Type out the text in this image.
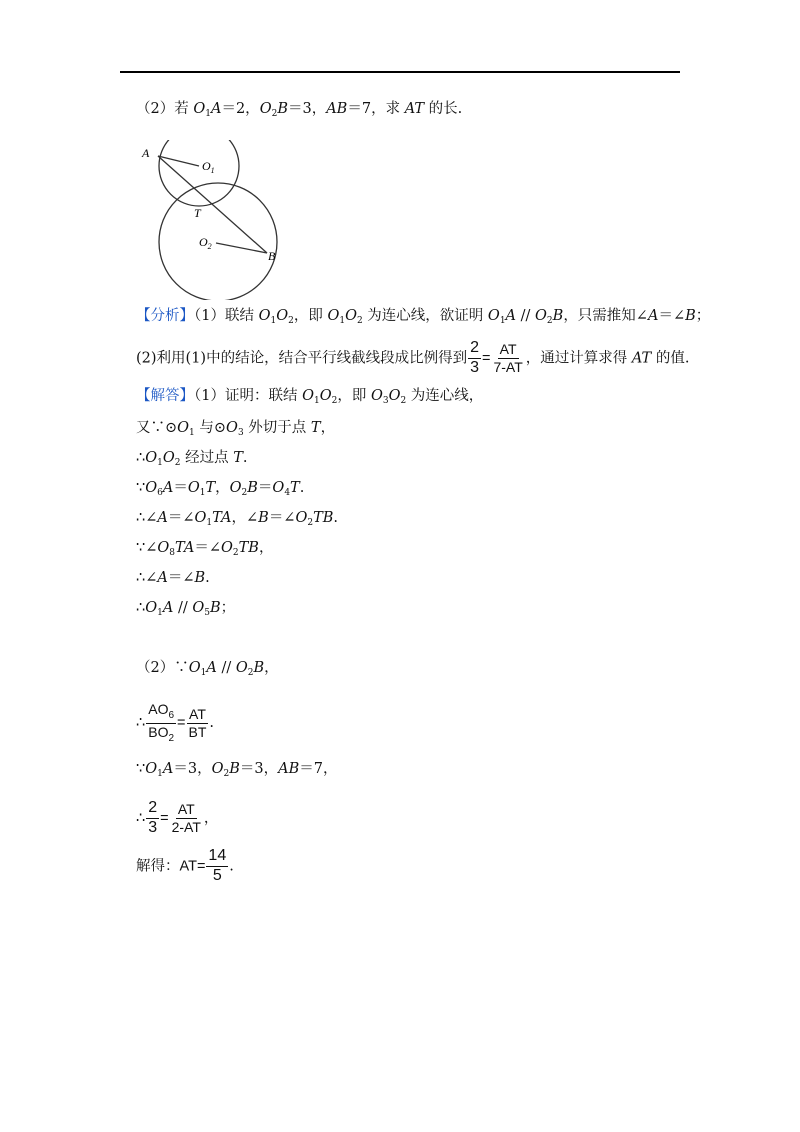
（2）若 $O_1A=2$，$O_2B=3$，AB＝7，求 AT 的长.
A
$O_1$
T
$O_2$
B
【分析】（1）联结 $O_1O_2$，即 $O_1O_2$ 为连心线，欲证明 $O_1A // O_2B$，只需推知∠A＝∠B；
(2)利用(1)中的结论，结合平行线截线段成比例得到 $\frac{2}{3} = \frac{AT}{7-AT}$ ，通过计算求得 AT 的值.
【解答】（1）证明：联结 $O_1O_2$，即 $O_3O_2$ 为连心线，
又$\because⊙O_1$ 与$⊙O_3$ 外切于点 T，
$\therefore O_1O_2$ 经过点 T.
$\because O_6A=O_1T$，$O_2B=O_4T$.
$\therefore\angle A=\angle O_1TA$，$\angle B=\angle O_2TB$.
$\because\angle O_8TA=\angle O_2TB$，
∴∠A＝∠B.
$\therefore O_1A // O_5B$；
$(2)\because O_1A // O_2B$，
∴ $\frac{AO_6}{BO_2} = \frac{AT}{BT}$ .
$\because O_1A=3$，$O_2B=3$，AB＝7，
∴ $\frac{2}{3} = \frac{AT}{2-AT}$ ，
解得：$AT= \frac{14}{5}$ .
